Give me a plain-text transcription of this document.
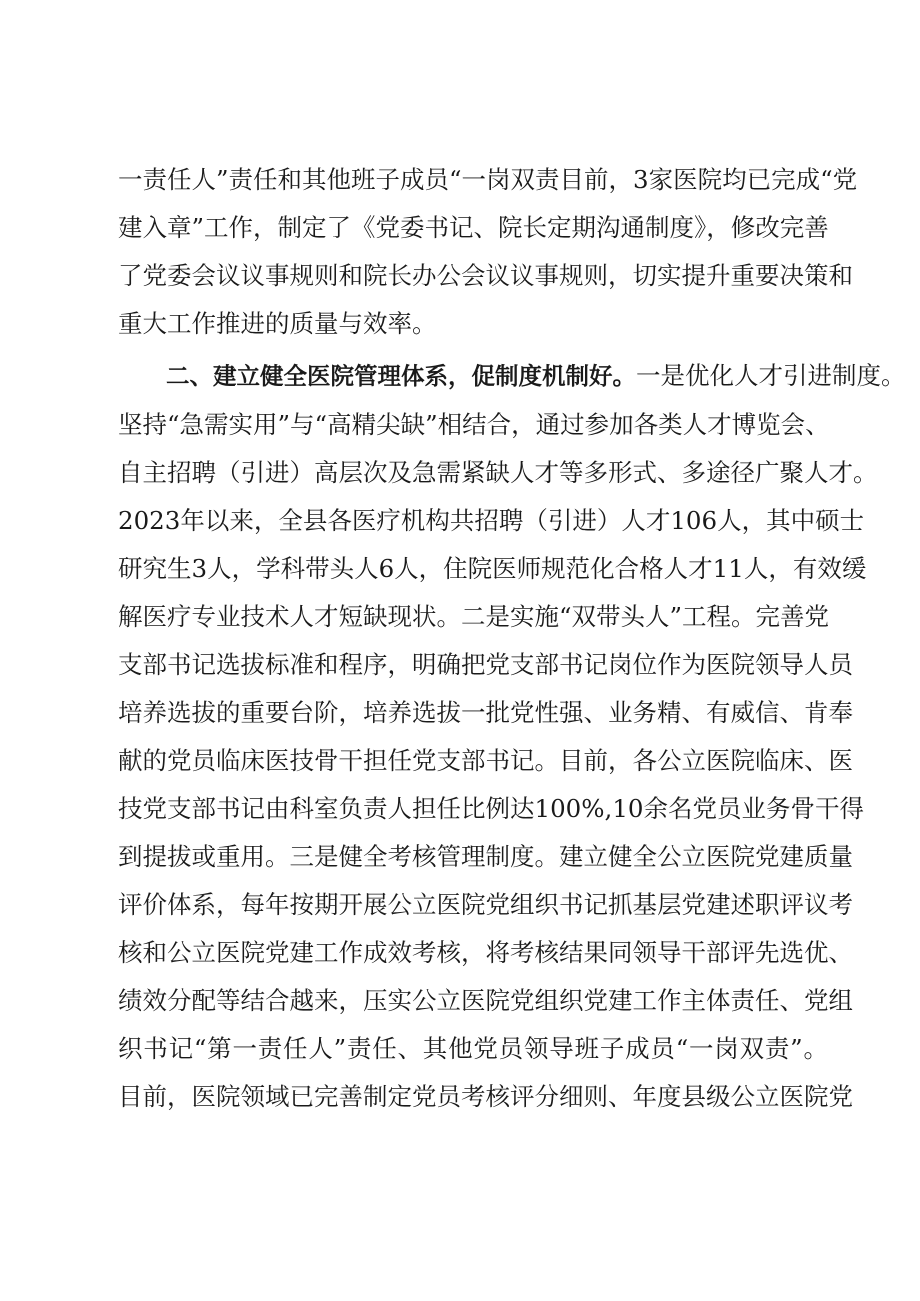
一责任人”责任和其他班子成员“一岗双责目前，3家医院均已完成“党
建入章”工作，制定了《党委书记、院长定期沟通制度》，修改完善
了党委会议议事规则和院长办公会议议事规则，切实提升重要决策和
重大工作推进的质量与效率。
二、建立健全医院管理体系，促制度机制好。一是优化人才引进制度。
坚持“急需实用”与“高精尖缺”相结合，通过参加各类人才博览会、
自主招聘（引进）高层次及急需紧缺人才等多形式、多途径广聚人才。
2023年以来，全县各医疗机构共招聘（引进）人才106人，其中硕士
研究生3人，学科带头人6人，住院医师规范化合格人才11人，有效缓
解医疗专业技术人才短缺现状。二是实施“双带头人”工程。完善党
支部书记选拔标准和程序，明确把党支部书记岗位作为医院领导人员
培养选拔的重要台阶，培养选拔一批党性强、业务精、有威信、肯奉
献的党员临床医技骨干担任党支部书记。目前，各公立医院临床、医
技党支部书记由科室负责人担任比例达100%,10余名党员业务骨干得
到提拔或重用。三是健全考核管理制度。建立健全公立医院党建质量
评价体系，每年按期开展公立医院党组织书记抓基层党建述职评议考
核和公立医院党建工作成效考核，将考核结果同领导干部评先选优、
绩效分配等结合越来，压实公立医院党组织党建工作主体责任、党组
织书记“第一责任人”责任、其他党员领导班子成员“一岗双责”。
目前，医院领域已完善制定党员考核评分细则、年度县级公立医院党
